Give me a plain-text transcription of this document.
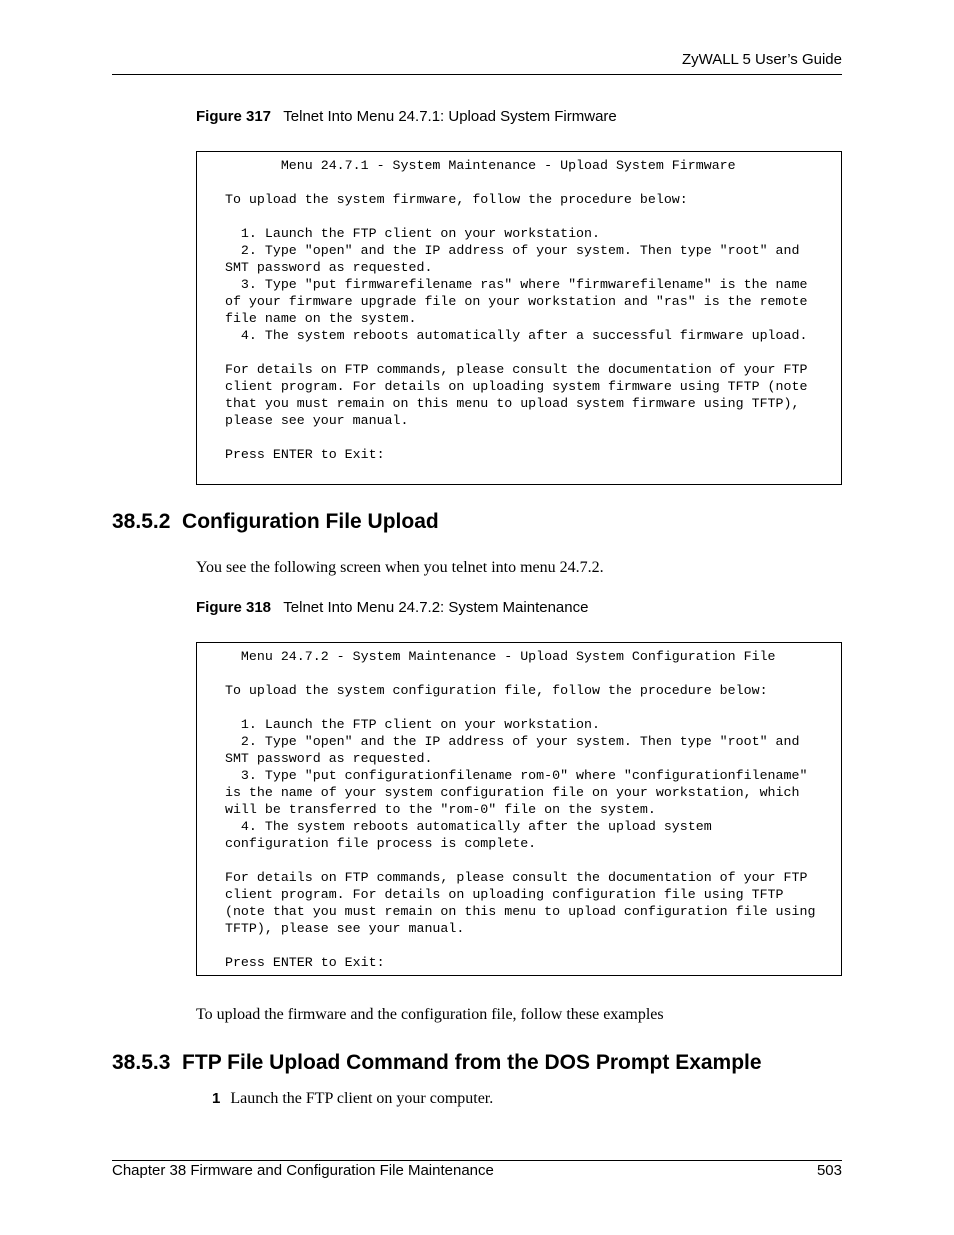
ZyWALL 5 User’s Guide
Figure 317 Telnet Into Menu 24.7.1: Upload System Firmware
Menu 24.7.1 - System Maintenance - Upload System Firmware

To upload the system firmware, follow the procedure below:

1. Launch the FTP client on your workstation.
2. Type "open" and the IP address of your system. Then type "root" and
SMT password as requested.
3. Type "put firmwarefilename ras" where "firmwarefilename" is the name
of your firmware upgrade file on your workstation and "ras" is the remote
file name on the system.
4. The system reboots automatically after a successful firmware upload.

For details on FTP commands, please consult the documentation of your FTP
client program. For details on uploading system firmware using TFTP (note
that you must remain on this menu to upload system firmware using TFTP),
please see your manual.

Press ENTER to Exit:
38.5.2  Configuration File Upload
You see the following screen when you telnet into menu 24.7.2.
Figure 318 Telnet Into Menu 24.7.2: System Maintenance
Menu 24.7.2 - System Maintenance - Upload System Configuration File

To upload the system configuration file, follow the procedure below:

1. Launch the FTP client on your workstation.
2. Type "open" and the IP address of your system. Then type "root" and
SMT password as requested.
3. Type "put configurationfilename rom-0" where "configurationfilename"
is the name of your system configuration file on your workstation, which
will be transferred to the "rom-0" file on the system.
4. The system reboots automatically after the upload system
configuration file process is complete.

For details on FTP commands, please consult the documentation of your FTP
client program. For details on uploading configuration file using TFTP
(note that you must remain on this menu to upload configuration file using
TFTP), please see your manual.

Press ENTER to Exit:
To upload the firmware and the configuration file, follow these examples
38.5.3  FTP File Upload Command from the DOS Prompt Example
1 Launch the FTP client on your computer.
Chapter 38 Firmware and Configuration File Maintenance	503
